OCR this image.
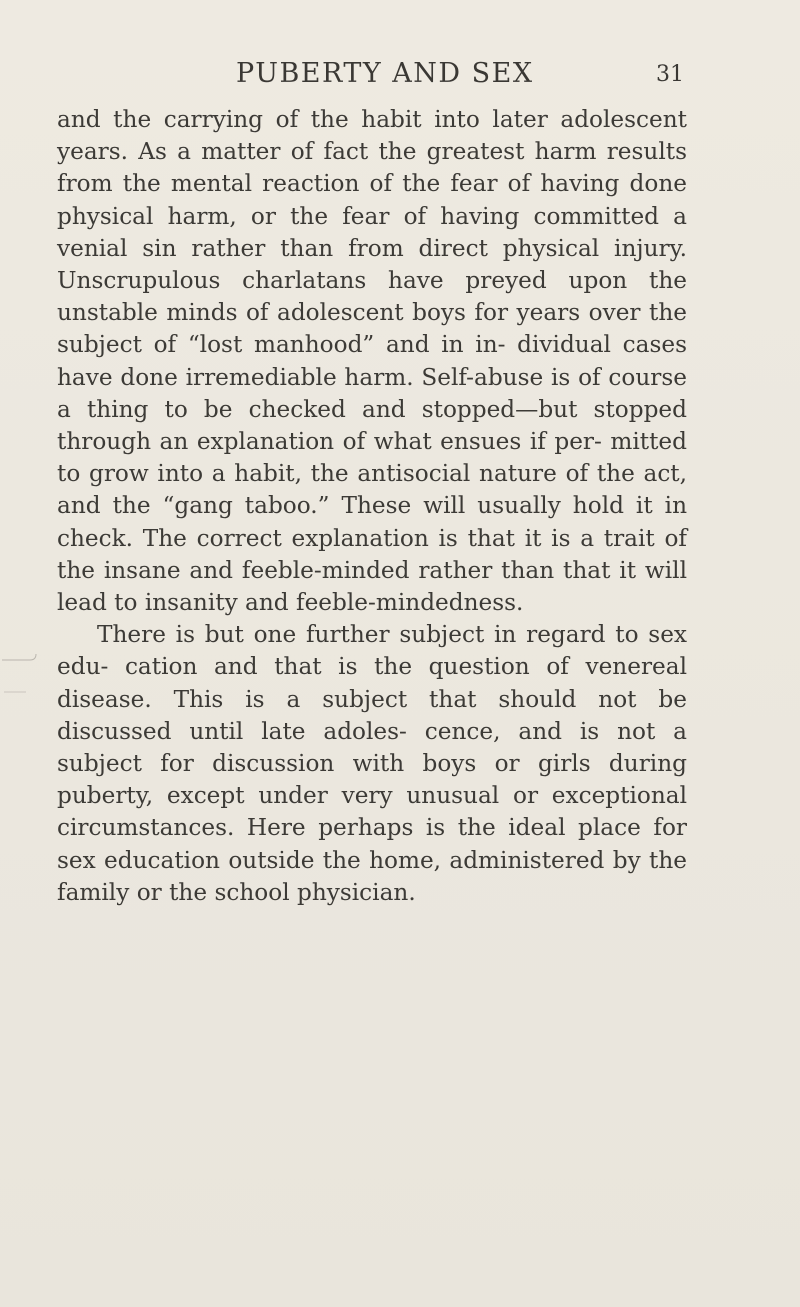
PUBERTY AND SEX	31

and the carrying of the habit into later adolescent years. As a matter of fact the greatest harm results from the mental reaction of the fear of having done physical harm, or the fear of having committed a venial sin rather than from direct physical injury. Unscrupulous charlatans have preyed upon the unstable minds of adolescent boys for years over the subject of “lost manhood” and in in- dividual cases have done irremediable harm. Self-abuse is of course a thing to be checked and stopped—but stopped through an explanation of what ensues if per- mitted to grow into a habit, the antisocial nature of the act, and the “gang taboo.” These will usually hold it in check. The correct explanation is that it is a trait of the insane and feeble-minded rather than that it will lead to insanity and feeble-mindedness.

There is but one further subject in regard to sex edu- cation and that is the question of venereal disease. This is a subject that should not be discussed until late adoles- cence, and is not a subject for discussion with boys or girls during puberty, except under very unusual or exceptional circumstances. Here perhaps is the ideal place for sex education outside the home, administered by the family or the school physician.
